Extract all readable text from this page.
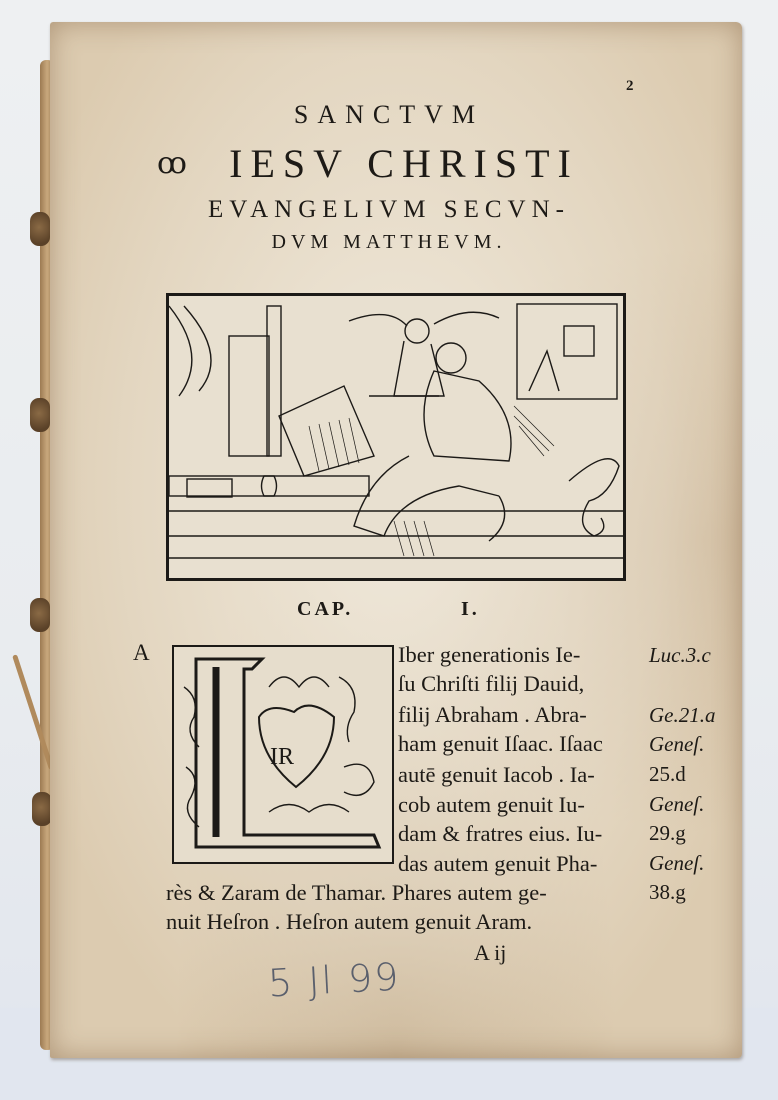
2
ꝏ
SANCTVM
IESV CHRISTI
EVANGELIVM SECVN-
DVM MATTHEVM.
CAP.	I.
A
IR
Iber generationis Ie-
ſu Chriſti filij Dauid,
filij Abraham . Abra-
ham genuit Iſaac. Iſaac
autē genuit Iacob . Ia-
cob autem genuit Iu-
dam & fratres eius. Iu-
das autem genuit Pha-
rès & Zaram de Thamar. Phares autem ge-
nuit Heſron . Heſron autem genuit Aram.
Luc.3.c
Ge.21.a
Geneſ.
25.d
Geneſ.
29.g
Geneſ.
38.g
A ij
5 Jl 99
